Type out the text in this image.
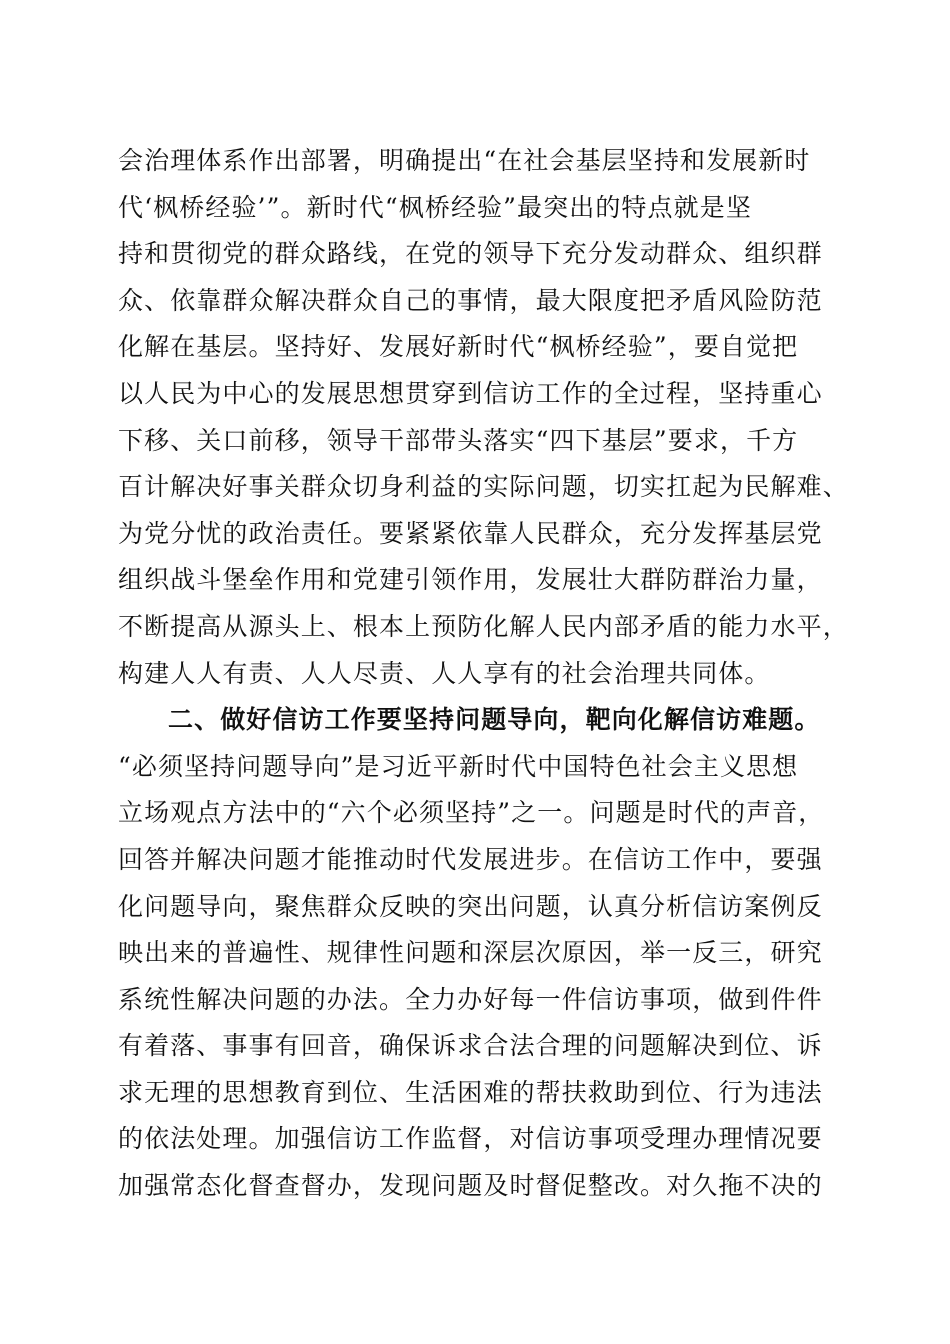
会治理体系作出部署，明确提出“在社会基层坚持和发展新时
代‘枫桥经验’”。新时代“枫桥经验”最突出的特点就是坚
持和贯彻党的群众路线，在党的领导下充分发动群众、组织群
众、依靠群众解决群众自己的事情，最大限度把矛盾风险防范
化解在基层。坚持好、发展好新时代“枫桥经验”，要自觉把
以人民为中心的发展思想贯穿到信访工作的全过程，坚持重心
下移、关口前移，领导干部带头落实“四下基层”要求，千方
百计解决好事关群众切身利益的实际问题，切实扛起为民解难、
为党分忧的政治责任。要紧紧依靠人民群众，充分发挥基层党
组织战斗堡垒作用和党建引领作用，发展壮大群防群治力量，
不断提高从源头上、根本上预防化解人民内部矛盾的能力水平，
构建人人有责、人人尽责、人人享有的社会治理共同体。
二、做好信访工作要坚持问题导向，靶向化解信访难题。
“必须坚持问题导向”是习近平新时代中国特色社会主义思想
立场观点方法中的“六个必须坚持”之一。问题是时代的声音，
回答并解决问题才能推动时代发展进步。在信访工作中，要强
化问题导向，聚焦群众反映的突出问题，认真分析信访案例反
映出来的普遍性、规律性问题和深层次原因，举一反三，研究
系统性解决问题的办法。全力办好每一件信访事项，做到件件
有着落、事事有回音，确保诉求合法合理的问题解决到位、诉
求无理的思想教育到位、生活困难的帮扶救助到位、行为违法
的依法处理。加强信访工作监督，对信访事项受理办理情况要
加强常态化督查督办，发现问题及时督促整改。对久拖不决的
